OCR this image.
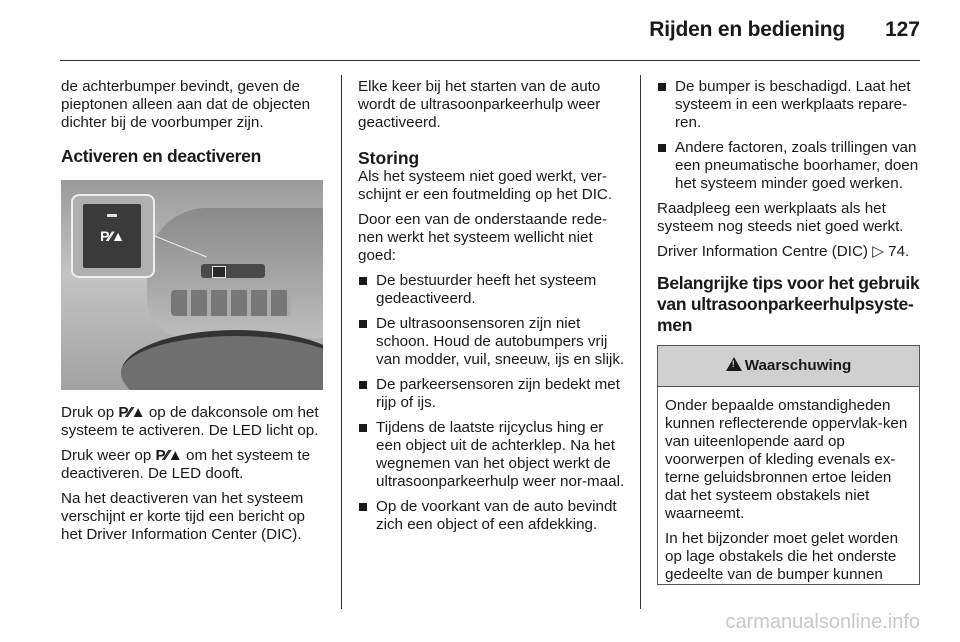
Rijden en bediening 127

de achterbumper bevindt, geven de pieptonen alleen aan dat de objecten dichter bij de voorbumper zijn.

Activeren en deactiveren
P⁄⁄▲

Druk op P⁄⁄▲ op de dakconsole om het systeem te activeren. De LED licht op.

Druk weer op P⁄⁄▲ om het systeem te deactiveren. De LED dooft.

Na het deactiveren van het systeem verschijnt er korte tijd een bericht op het Driver Information Center (DIC).

Elke keer bij het starten van de auto wordt de ultrasoonparkeerhulp weer geactiveerd.

Storing

Als het systeem niet goed werkt, ver-schijnt er een foutmelding op het DIC.

Door een van de onderstaande rede-nen werkt het systeem wellicht niet goed:

De bestuurder heeft het systeem gedeactiveerd.
De ultrasoonsensoren zijn niet schoon. Houd de autobumpers vrij van modder, vuil, sneeuw, ijs en slijk.
De parkeersensoren zijn bedekt met rijp of ijs.
Tijdens de laatste rijcyclus hing er een object uit de achterklep. Na het wegnemen van het object werkt de ultrasoonparkeerhulp weer nor-maal.
Op de voorkant van de auto bevindt zich een object of een afdekking.
De bumper is beschadigd. Laat het systeem in een werkplaats repare-ren.
Andere factoren, zoals trillingen van een pneumatische boorhamer, doen het systeem minder goed werken.

Raadpleeg een werkplaats als het systeem nog steeds niet goed werkt.

Driver Information Centre (DIC) ▷ 74.

Belangrijke tips voor het gebruik van ultrasoonparkeerhulpsyste-men
!Waarschuwing

Onder bepaalde omstandigheden kunnen reflecterende oppervlak-ken van uiteenlopende aard op voorwerpen of kleding evenals ex-terne geluidsbronnen ertoe leiden dat het systeem obstakels niet waarneemt.

In het bijzonder moet gelet worden op lage obstakels die het onderste gedeelte van de bumper kunnen

carmanualsonline.info
